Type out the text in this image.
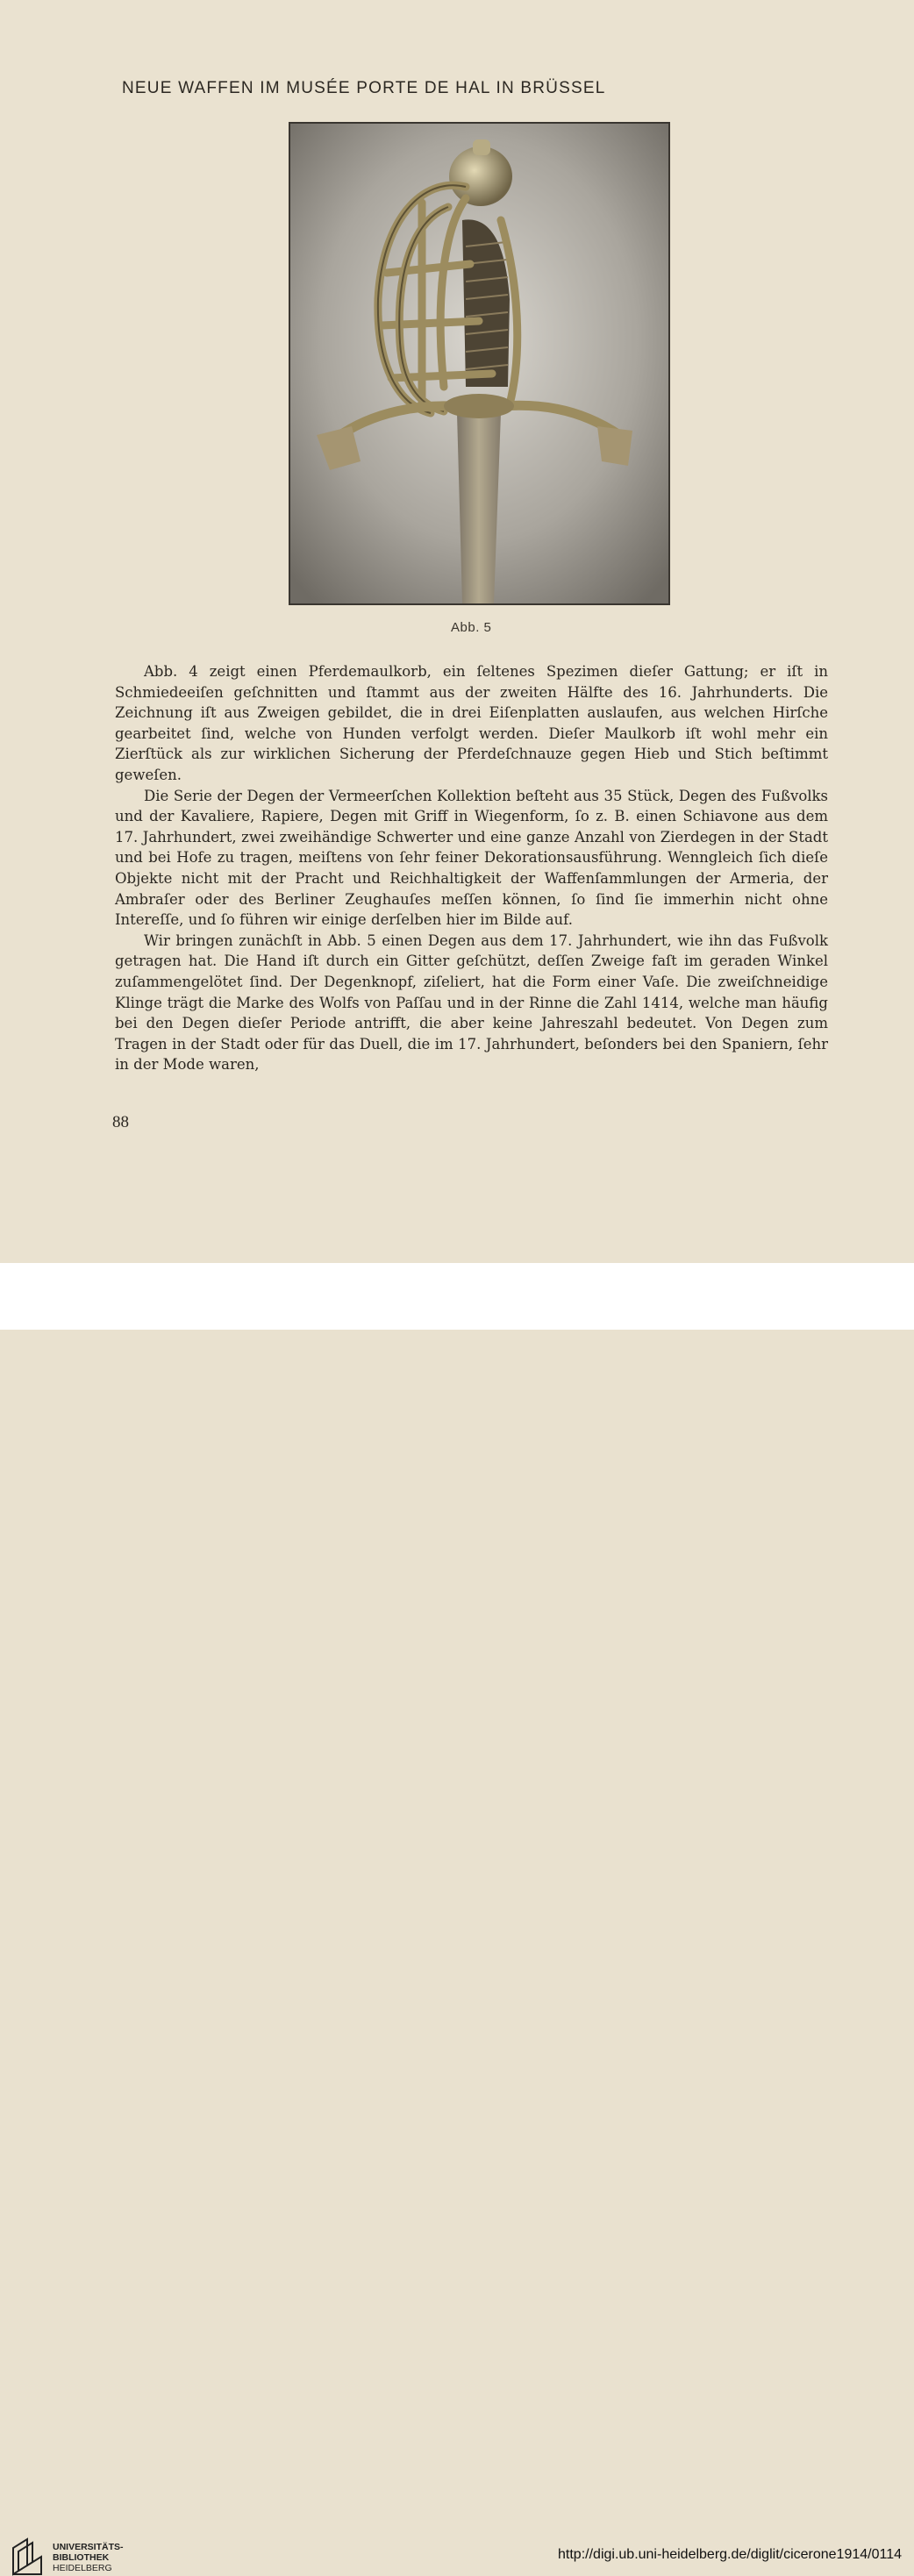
NEUE WAFFEN IM MUSÉE PORTE DE HAL IN BRÜSSEL
Abb. 5

Abb. 4 zeigt einen Pferdemaulkorb, ein ſeltenes Spezimen dieſer Gattung; er iſt in Schmiedeeiſen geſchnitten und ſtammt aus der zweiten Hälfte des 16. Jahrhunderts. Die Zeichnung iſt aus Zweigen gebildet, die in drei Eiſenplatten auslaufen, aus welchen Hirſche gearbeitet ſind, welche von Hunden verfolgt werden. Dieſer Maulkorb iſt wohl mehr ein Zierſtück als zur wirklichen Sicherung der Pferdeſchnauze gegen Hieb und Stich beſtimmt geweſen.

Die Serie der Degen der Vermeerſchen Kollektion beſteht aus 35 Stück, Degen des Fußvolks und der Kavaliere, Rapiere, Degen mit Griff in Wiegenform, ſo z. B. einen Schiavone aus dem 17. Jahrhundert, zwei zweihändige Schwerter und eine ganze Anzahl von Zierdegen in der Stadt und bei Hofe zu tragen, meiſtens von ſehr feiner Dekorationsausführung. Wenngleich ſich dieſe Objekte nicht mit der Pracht und Reichhaltigkeit der Waffenſammlungen der Armeria, der Ambraſer oder des Berliner Zeughauſes meſſen können, ſo ſind ſie immerhin nicht ohne Intereſſe, und ſo führen wir einige derſelben hier im Bilde auf.

Wir bringen zunächſt in Abb. 5 einen Degen aus dem 17. Jahrhundert, wie ihn das Fußvolk getragen hat. Die Hand iſt durch ein Gitter geſchützt, deſſen Zweige faſt im geraden Winkel zuſammengelötet ſind. Der Degenknopf, ziſeliert, hat die Form einer Vaſe. Die zweiſchneidige Klinge trägt die Marke des Wolfs von Paſſau und in der Rinne die Zahl 1414, welche man häufig bei den Degen dieſer Periode antrifft, die aber keine Jahreszahl bedeutet. Von Degen zum Tragen in der Stadt oder für das Duell, die im 17. Jahrhundert, beſonders bei den Spaniern, ſehr in der Mode waren,

88
UNIVERSITÄTS-
BIBLIOTHEK
HEIDELBERG
http://digi.ub.uni-heidelberg.de/diglit/cicerone1914/0114
